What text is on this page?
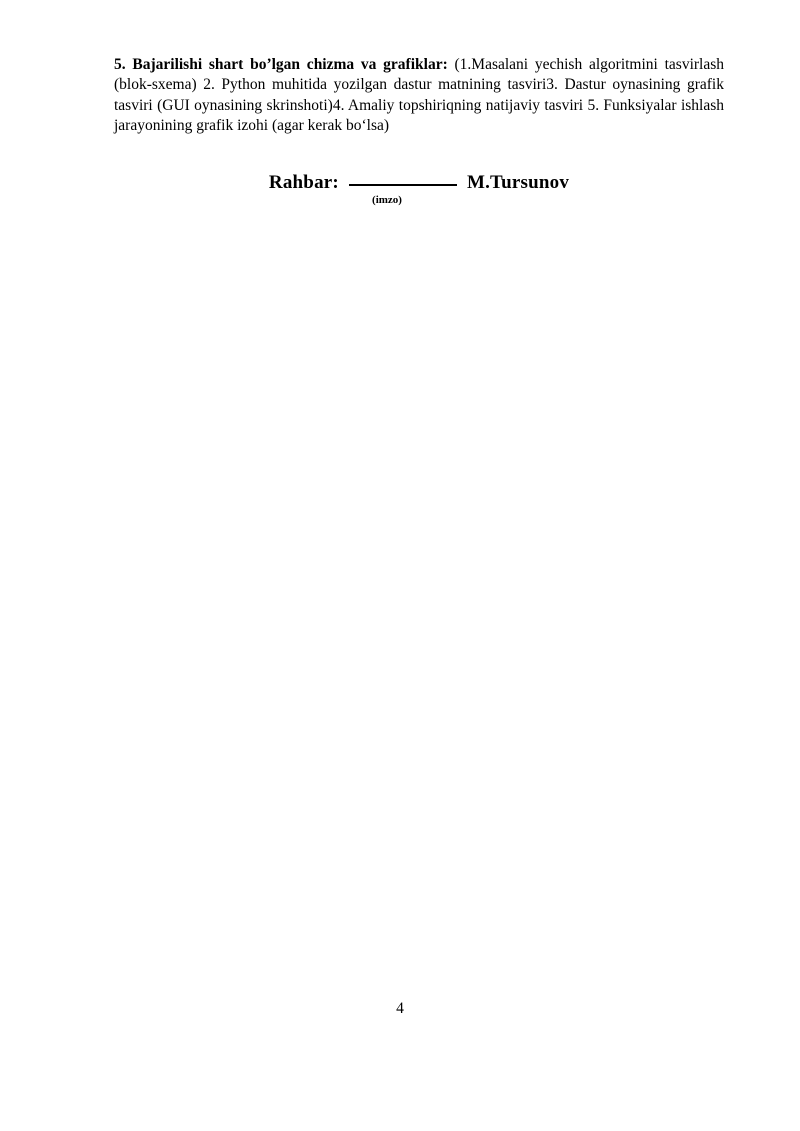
5. Bajarilishi shart bo’lgan chizma va grafiklar: (1.Masalani yechish algoritmini tasvirlash (blok-sxema) 2. Python muhitida yozilgan dastur matnining tasviri3. Dastur oynasining grafik tasviri (GUI oynasining skrinshoti)4. Amaliy topshiriqning natijaviy tasviri 5. Funksiyalar ishlash jarayonining grafik izohi (agar kerak bo‘lsa)

Rahbar:	M.Tursunov
(imzo)
4
